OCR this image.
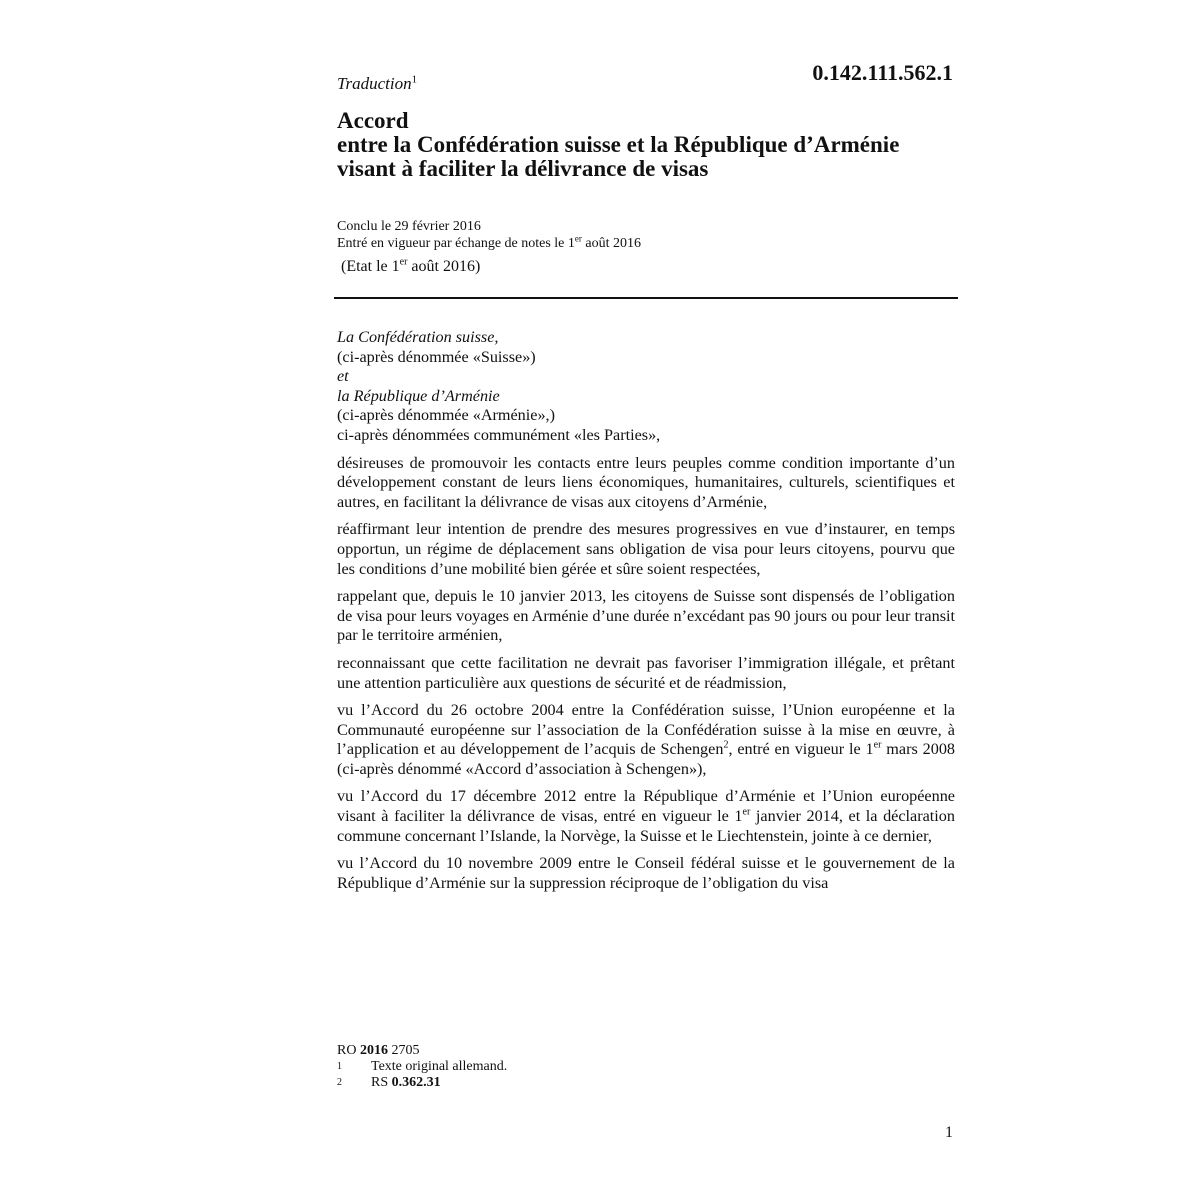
0.142.111.562.1
Traduction$^1$
Accord
entre la Confédération suisse et la République d’Arménie
visant à faciliter la délivrance de visas
Conclu le 29 février 2016
Entré en vigueur par échange de notes le 1er août 2016
(Etat le 1er août 2016)
La Confédération suisse,
(ci-après dénommée «Suisse»)
et
la République d’Arménie
(ci-après dénommée «Arménie»,)
ci-après dénommées communément «les Parties»,

désireuses de promouvoir les contacts entre leurs peuples comme condition importante d’un développement constant de leurs liens économiques, humanitaires, culturels, scientifiques et autres, en facilitant la délivrance de visas aux citoyens d’Arménie,

réaffirmant leur intention de prendre des mesures progressives en vue d’instaurer, en temps opportun, un régime de déplacement sans obligation de visa pour leurs citoyens, pourvu que les conditions d’une mobilité bien gérée et sûre soient respectées,

rappelant que, depuis le 10 janvier 2013, les citoyens de Suisse sont dispensés de l’obligation de visa pour leurs voyages en Arménie d’une durée n’excédant pas 90 jours ou pour leur transit par le territoire arménien,

reconnaissant que cette facilitation ne devrait pas favoriser l’immigration illégale, et prêtant une attention particulière aux questions de sécurité et de réadmission,

vu l’Accord du 26 octobre 2004 entre la Confédération suisse, l’Union européenne et la Communauté européenne sur l’association de la Confédération suisse à la mise en œuvre, à l’application et au développement de l’acquis de Schengen$^2$, entré en vigueur le 1er mars 2008 (ci-après dénommé «Accord d’association à Schengen»),

vu l’Accord du 17 décembre 2012 entre la République d’Arménie et l’Union européenne visant à faciliter la délivrance de visas, entré en vigueur le 1er janvier 2014, et la déclaration commune concernant l’Islande, la Norvège, la Suisse et le Liechtenstein, jointe à ce dernier,

vu l’Accord du 10 novembre 2009 entre le Conseil fédéral suisse et le gouvernement de la République d’Arménie sur la suppression réciproque de l’obligation du visa

RO 2016 2705
1 Texte original allemand.
2 RS 0.362.31
1
